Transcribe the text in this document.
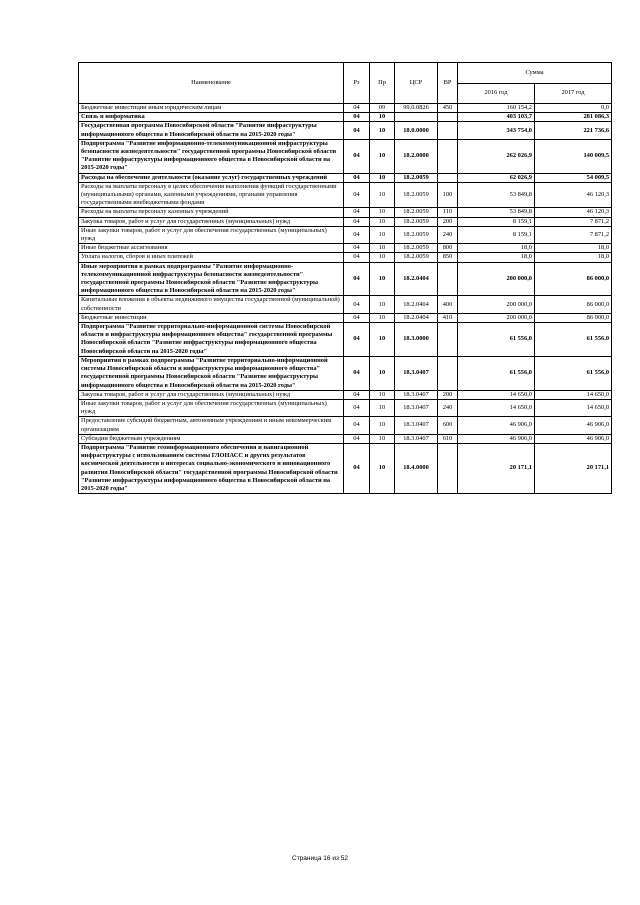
Наименование	Рз	Пр	ЦСР	ВР	Сумма	
					2016 год	2017 год
Бюджетные инвестиции иным юридическим лицам	04	09	99.0.0826	450	160 154,2	0,0
Связь и информатика	04	10			403 103,7	281 086,3
Государственная программа Новосибирской области "Развитие инфраструктуры информационного общества в Новосибирской области на 2015-2020 годы"	04	10	18.0.0000		343 754,0	221 736,6
Подпрограмма "Развитие информационно-телекоммуникационной инфраструктуры безопасности жизнедеятельности" государственной программы Новосибирской области "Развитие инфраструктуры информационного общества в Новосибирской области на 2015-2020 годы"	04	10	18.2.0000		262 026,9	140 009,5
Расходы на обеспечение деятельности (оказание услуг) государственных учреждений	04	10	18.2.0059		62 026,9	54 009,5
Расходы на выплаты персоналу в целях обеспечения выполнения функций государственными (муниципальными) органами, казенными учреждениями, органами управления государственными внебюджетными фондами	04	10	18.2.0059	100	53 849,8	46 120,3
Расходы на выплаты персоналу казенных учреждений	04	10	18.2.0059	110	53 849,8	46 120,3
Закупка товаров, работ и услуг для государственных (муниципальных) нужд	04	10	18.2.0059	200	8 159,1	7 871,2
Иные закупки товаров, работ и услуг для обеспечения государственных (муниципальных) нужд	04	10	18.2.0059	240	8 159,1	7 871,2
Иные бюджетные ассигнования	04	10	18.2.0059	800	18,0	18,0
Уплата налогов, сборов и иных платежей	04	10	18.2.0059	850	18,0	18,0
Иные мероприятия в рамках подпрограммы "Развитие информационно-телекоммуникационной инфраструктуры безопасности жизнедеятельности" государственной программы Новосибирской области "Развитие инфраструктуры информационного общества в Новосибирской области на 2015-2020 годы"	04	10	18.2.0404		200 000,0	86 000,0
Капитальные вложения в объекты недвижимого имущества государственной (муниципальной) собственности	04	10	18.2.0404	400	200 000,0	86 000,0
Бюджетные инвестиции	04	10	18.2.0404	410	200 000,0	86 000,0
Подпрограмма "Развитие территориально-информационной системы Новосибирской области и инфраструктуры информационного общества" государственной программы Новосибирской области "Развитие инфраструктуры информационного общества Новосибирской области на 2015-2020 годы"	04	10	18.3.0000		61 556,0	61 556,0
Мероприятия в рамках подпрограммы "Развитие территориально-информационной системы Новосибирской области и инфраструктуры информационного общества" государственной программы Новосибирской области "Развитие инфраструктуры информационного общества в Новосибирской области на 2015-2020 годы"	04	10	18.3.0407		61 556,0	61 556,0
Закупка товаров, работ и услуг для государственных (муниципальных) нужд	04	10	18.3.0407	200	14 650,0	14 650,0
Иные закупки товаров, работ и услуг для обеспечения государственных (муниципальных) нужд	04	10	18.3.0407	240	14 650,0	14 650,0
Предоставление субсидий бюджетным, автономным учреждениям и иным некоммерческим организациям	04	10	18.3.0407	600	46 906,0	46 906,0
Субсидии бюджетным учреждениям	04	10	18.3.0407	610	46 906,0	46 906,0
Подпрограмма "Развитие геоинформационного обеспечения и навигационной инфраструктуры с использованием системы ГЛОНАСС и других результатов космической деятельности в интересах социально-экономического и инновационного развития Новосибирской области" государственной программы Новосибирской области "Развитие инфраструктуры информационного общества в Новосибирской области на 2015-2020 годы"	04	10	18.4.0000		20 171,1	20 171,1
Страница 16 из 52
